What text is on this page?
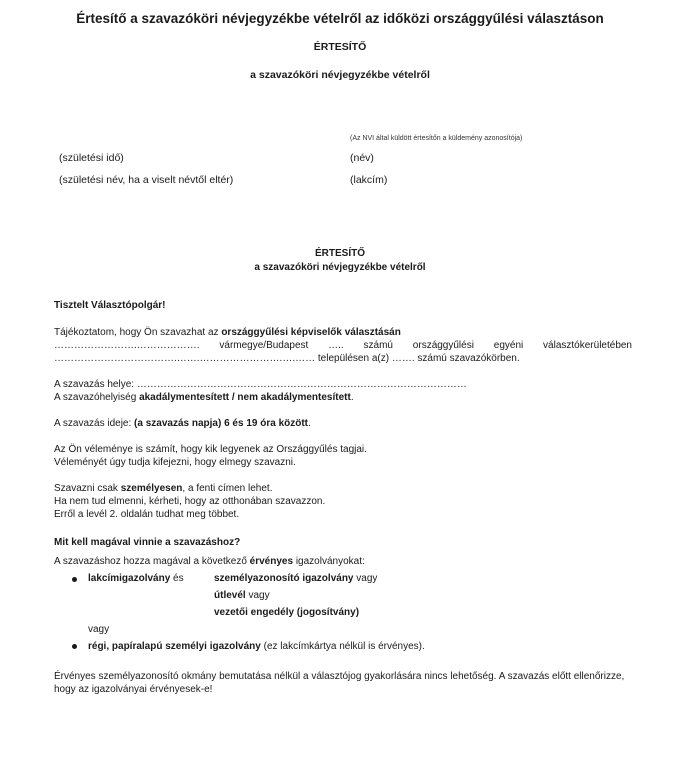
Értesítő a szavazóköri névjegyzékbe vételről az időközi országgyűlési választáson
ÉRTESÍTŐ
a szavazóköri névjegyzékbe vételről
(Az NVI által küldött értesítőn a küldemény azonosítója)
(születési idő)	(név)
(születési név, ha a viselt névtől eltér)	(lakcím)
ÉRTESÍTŐ
a szavazóköri névjegyzékbe vételről
Tisztelt Választópolgár!
Tájékoztatom, hogy Ön szavazhat az országgyűlési képviselők választásán
…………………….………………. vármegye/Budapest ….. számú országgyűlési egyéni választókerületében
……………………………….…….…………………….….…… településen a(z) ……. számú szavazókörben.
A szavazás helye: ………………………………………………………………………………………
A szavazóhelyiség akadálymentesített / nem akadálymentesített.
A szavazás ideje: (a szavazás napja) 6 és 19 óra között.
Az Ön véleménye is számít, hogy kik legyenek az Országgyűlés tagjai.
Véleményét úgy tudja kifejezni, hogy elmegy szavazni.
Szavazni csak személyesen, a fenti címen lehet.
Ha nem tud elmenni, kérheti, hogy az otthonában szavazzon.
Erről a levél 2. oldalán tudhat meg többet.
Mit kell magával vinnie a szavazáshoz?
A szavazáshoz hozza magával a következő érvényes igazolványokat:
lakcímigazolvány és	személyazonosító igazolvány vagy
útlevél vagy
vezetői engedély (jogosítvány)
vagy
régi, papíralapú személyi igazolvány (ez lakcímkártya nélkül is érvényes).
Érvényes személyazonosító okmány bemutatása nélkül a választójog gyakorlására nincs lehetőség. A szavazás előtt ellenőrizze,
hogy az igazolványai érvényesek-e!
